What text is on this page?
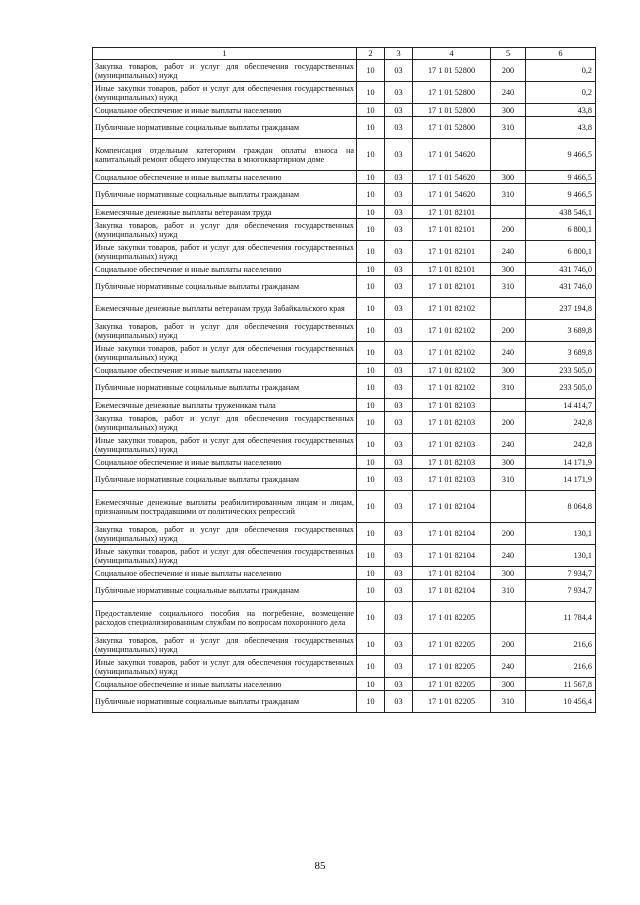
1	2	3	4	5	6
Закупка товаров, работ и услуг для обеспечения государственных (муниципальных) нужд	10	03	17 1 01 52800	200	0,2
Иные закупки товаров, работ и услуг для обеспечения государственных (муниципальных) нужд	10	03	17 1 01 52800	240	0,2
Социальное обеспечение и иные выплаты населению	10	03	17 1 01 52800	300	43,8
Публичные нормативные социальные выплаты гражданам	10	03	17 1 01 52800	310	43,8
Компенсация отдельным категориям граждан оплаты взноса на капитальный ремонт общего имущества в многоквартирном доме	10	03	17 1 01 54620		9 466,5
Социальное обеспечение и иные выплаты населению	10	03	17 1 01 54620	300	9 466,5
Публичные нормативные социальные выплаты гражданам	10	03	17 1 01 54620	310	9 466,5
Ежемесячные денежные выплаты ветеранам труда	10	03	17 1 01 82101		438 546,1
Закупка товаров, работ и услуг для обеспечения государственных (муниципальных) нужд	10	03	17 1 01 82101	200	6 800,1
Иные закупки товаров, работ и услуг для обеспечения государственных (муниципальных) нужд	10	03	17 1 01 82101	240	6 800,1
Социальное обеспечение и иные выплаты населению	10	03	17 1 01 82101	300	431 746,0
Публичные нормативные социальные выплаты гражданам	10	03	17 1 01 82101	310	431 746,0
Ежемесячные денежные выплаты ветеранам труда Забайкальского края	10	03	17 1 01 82102		237 194,8
Закупка товаров, работ и услуг для обеспечения государственных (муниципальных) нужд	10	03	17 1 01 82102	200	3 689,8
Иные закупки товаров, работ и услуг для обеспечения государственных (муниципальных) нужд	10	03	17 1 01 82102	240	3 689,8
Социальное обеспечение и иные выплаты населению	10	03	17 1 01 82102	300	233 505,0
Публичные нормативные социальные выплаты гражданам	10	03	17 1 01 82102	310	233 505,0
Ежемесячные денежные выплаты труженикам тыла	10	03	17 1 01 82103		14 414,7
Закупка товаров, работ и услуг для обеспечения государственных (муниципальных) нужд	10	03	17 1 01 82103	200	242,8
Иные закупки товаров, работ и услуг для обеспечения государственных (муниципальных) нужд	10	03	17 1 01 82103	240	242,8
Социальное обеспечение и иные выплаты населению	10	03	17 1 01 82103	300	14 171,9
Публичные нормативные социальные выплаты гражданам	10	03	17 1 01 82103	310	14 171,9
Ежемесячные денежные выплаты реабилитированным лицам и лицам, признанным пострадавшими от политических репрессий	10	03	17 1 01 82104		8 064,8
Закупка товаров, работ и услуг для обеспечения государственных (муниципальных) нужд	10	03	17 1 01 82104	200	130,1
Иные закупки товаров, работ и услуг для обеспечения государственных (муниципальных) нужд	10	03	17 1 01 82104	240	130,1
Социальное обеспечение и иные выплаты населению	10	03	17 1 01 82104	300	7 934,7
Публичные нормативные социальные выплаты гражданам	10	03	17 1 01 82104	310	7 934,7
Предоставление социального пособия на погребение, возмещение расходов специализированным службам по вопросам похоронного дела	10	03	17 1 01 82205		11 784,4
Закупка товаров, работ и услуг для обеспечения государственных (муниципальных) нужд	10	03	17 1 01 82205	200	216,6
Иные закупки товаров, работ и услуг для обеспечения государственных (муниципальных) нужд	10	03	17 1 01 82205	240	216,6
Социальное обеспечение и иные выплаты населению	10	03	17 1 01 82205	300	11 567,8
Публичные нормативные социальные выплаты гражданам	10	03	17 1 01 82205	310	10 456,4
85
